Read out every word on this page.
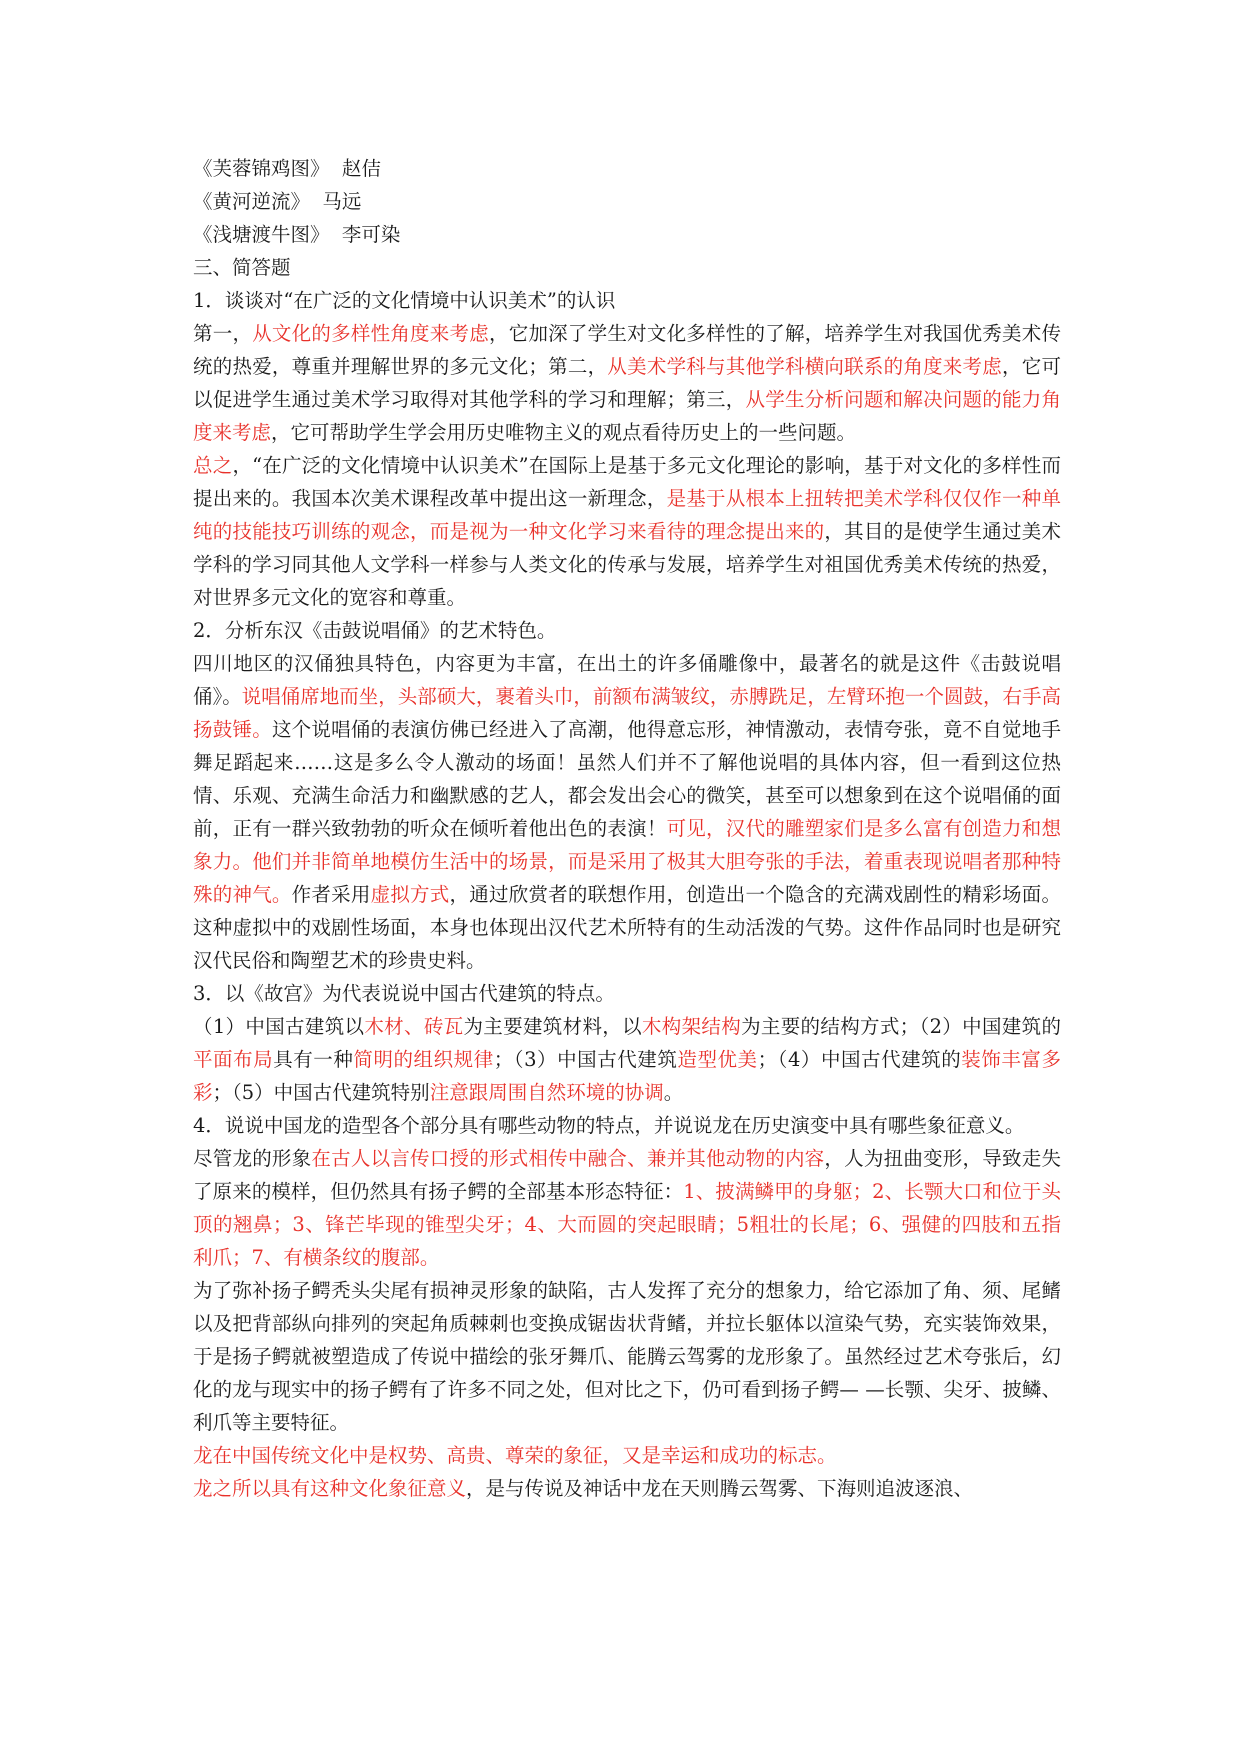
《芙蓉锦鸡图》 赵佶

《黄河逆流》 马远

《浅塘渡牛图》 李可染

三、简答题

1．谈谈对“在广泛的文化情境中认识美术”的认识

第一，从文化的多样性角度来考虑，它加深了学生对文化多样性的了解，培养学生对我国优秀美术传统的热爱，尊重并理解世界的多元文化；第二，从美术学科与其他学科横向联系的角度来考虑，它可以促进学生通过美术学习取得对其他学科的学习和理解；第三，从学生分析问题和解决问题的能力角度来考虑，它可帮助学生学会用历史唯物主义的观点看待历史上的一些问题。

总之，“在广泛的文化情境中认识美术”在国际上是基于多元文化理论的影响，基于对文化的多样性而提出来的。我国本次美术课程改革中提出这一新理念，是基于从根本上扭转把美术学科仅仅作一种单纯的技能技巧训练的观念，而是视为一种文化学习来看待的理念提出来的，其目的是使学生通过美术学科的学习同其他人文学科一样参与人类文化的传承与发展，培养学生对祖国优秀美术传统的热爱，对世界多元文化的宽容和尊重。

2．分析东汉《击鼓说唱俑》的艺术特色。

四川地区的汉俑独具特色，内容更为丰富，在出土的许多俑雕像中，最著名的就是这件《击鼓说唱俑》。说唱俑席地而坐，头部硕大，裹着头巾，前额布满皱纹，赤膊跣足，左臂环抱一个圆鼓，右手高扬鼓锤。这个说唱俑的表演仿佛已经进入了高潮，他得意忘形，神情激动，表情夸张，竟不自觉地手舞足蹈起来……这是多么令人激动的场面！虽然人们并不了解他说唱的具体内容，但一看到这位热情、乐观、充满生命活力和幽默感的艺人，都会发出会心的微笑，甚至可以想象到在这个说唱俑的面前，正有一群兴致勃勃的听众在倾听着他出色的表演！可见，汉代的雕塑家们是多么富有创造力和想象力。他们并非简单地模仿生活中的场景，而是采用了极其大胆夸张的手法，着重表现说唱者那种特殊的神气。作者采用虚拟方式，通过欣赏者的联想作用，创造出一个隐含的充满戏剧性的精彩场面。这种虚拟中的戏剧性场面，本身也体现出汉代艺术所特有的生动活泼的气势。这件作品同时也是研究汉代民俗和陶塑艺术的珍贵史料。

3．以《故宫》为代表说说中国古代建筑的特点。

（1）中国古建筑以木材、砖瓦为主要建筑材料，以木构架结构为主要的结构方式；（2）中国建筑的平面布局具有一种简明的组织规律；（3）中国古代建筑造型优美；（4）中国古代建筑的装饰丰富多彩；（5）中国古代建筑特别注意跟周围自然环境的协调。

4．说说中国龙的造型各个部分具有哪些动物的特点，并说说龙在历史演变中具有哪些象征意义。

尽管龙的形象在古人以言传口授的形式相传中融合、兼并其他动物的内容，人为扭曲变形，导致走失了原来的模样，但仍然具有扬子鳄的全部基本形态特征：1、披满鳞甲的身躯；2、长颚大口和位于头顶的翘鼻；3、锋芒毕现的锥型尖牙；4、大而圆的突起眼睛；5粗壮的长尾；6、强健的四肢和五指利爪；7、有横条纹的腹部。

为了弥补扬子鳄秃头尖尾有损神灵形象的缺陷，古人发挥了充分的想象力，给它添加了角、须、尾鳍以及把背部纵向排列的突起角质棘刺也变换成锯齿状背鳍，并拉长躯体以渲染气势，充实装饰效果，于是扬子鳄就被塑造成了传说中描绘的张牙舞爪、能腾云驾雾的龙形象了。虽然经过艺术夸张后，幻化的龙与现实中的扬子鳄有了许多不同之处，但对比之下，仍可看到扬子鳄— —长颚、尖牙、披鳞、利爪等主要特征。

龙在中国传统文化中是权势、高贵、尊荣的象征，又是幸运和成功的标志。

龙之所以具有这种文化象征意义，是与传说及神话中龙在天则腾云驾雾、下海则追波逐浪、
